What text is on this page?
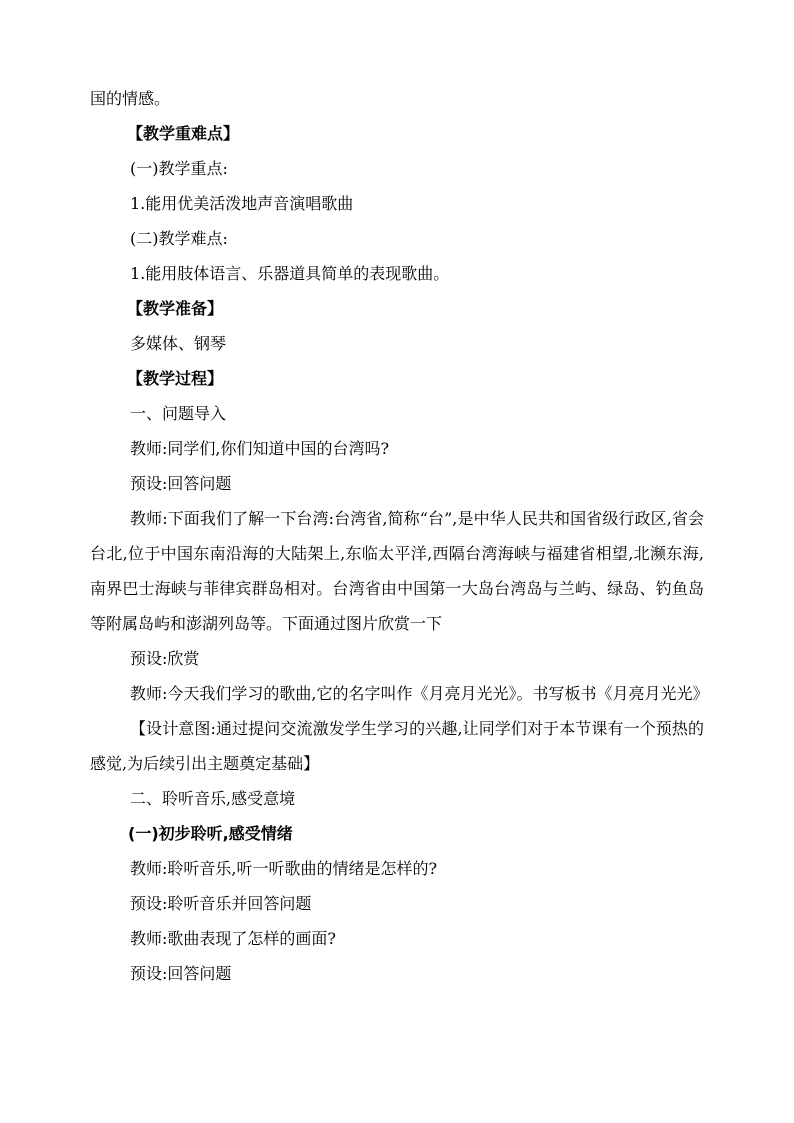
国的情感。

【教学重难点】

(一)教学重点:

1.能用优美活泼地声音演唱歌曲

(二)教学难点:

1.能用肢体语言、乐器道具简单的表现歌曲。

【教学准备】

多媒体、钢琴

【教学过程】

一、问题导入

教师:同学们,你们知道中国的台湾吗?

预设:回答问题

教师:下面我们了解一下台湾:台湾省,简称“台”,是中华人民共和国省级行政区,省会台北,位于中国东南沿海的大陆架上,东临太平洋,西隔台湾海峡与福建省相望,北濒东海,南界巴士海峡与菲律宾群岛相对。台湾省由中国第一大岛台湾岛与兰屿、绿岛、钓鱼岛等附属岛屿和澎湖列岛等。下面通过图片欣赏一下

预设:欣赏

教师:今天我们学习的歌曲,它的名字叫作《月亮月光光》。书写板书《月亮月光光》

【设计意图:通过提问交流激发学生学习的兴趣,让同学们对于本节课有一个预热的感觉,为后续引出主题奠定基础】

二、聆听音乐,感受意境

(一)初步聆听,感受情绪

教师:聆听音乐,听一听歌曲的情绪是怎样的?

预设:聆听音乐并回答问题

教师:歌曲表现了怎样的画面?

预设:回答问题
